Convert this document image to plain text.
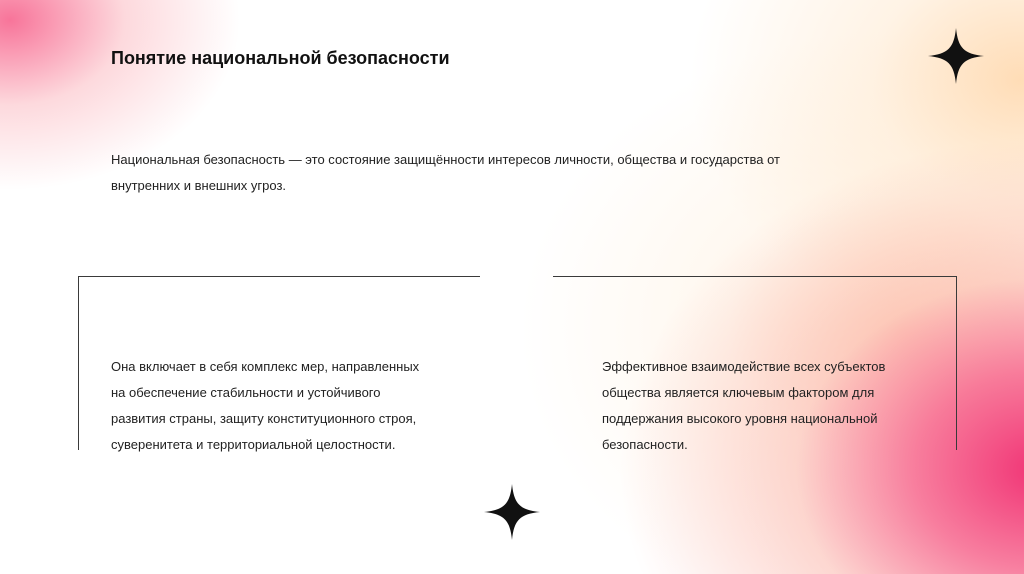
Понятие национальной безопасности

Национальная безопасность — это состояние защищённости интересов личности, общества и государства от внутренних и внешних угроз.

Она включает в себя комплекс мер, направленных
на обеспечение стабильности и устойчивого
развития страны, защиту конституционного строя,
суверенитета и территориальной целостности.

Эффективное взаимодействие всех субъектов
общества является ключевым фактором для
поддержания высокого уровня национальной
безопасности.
